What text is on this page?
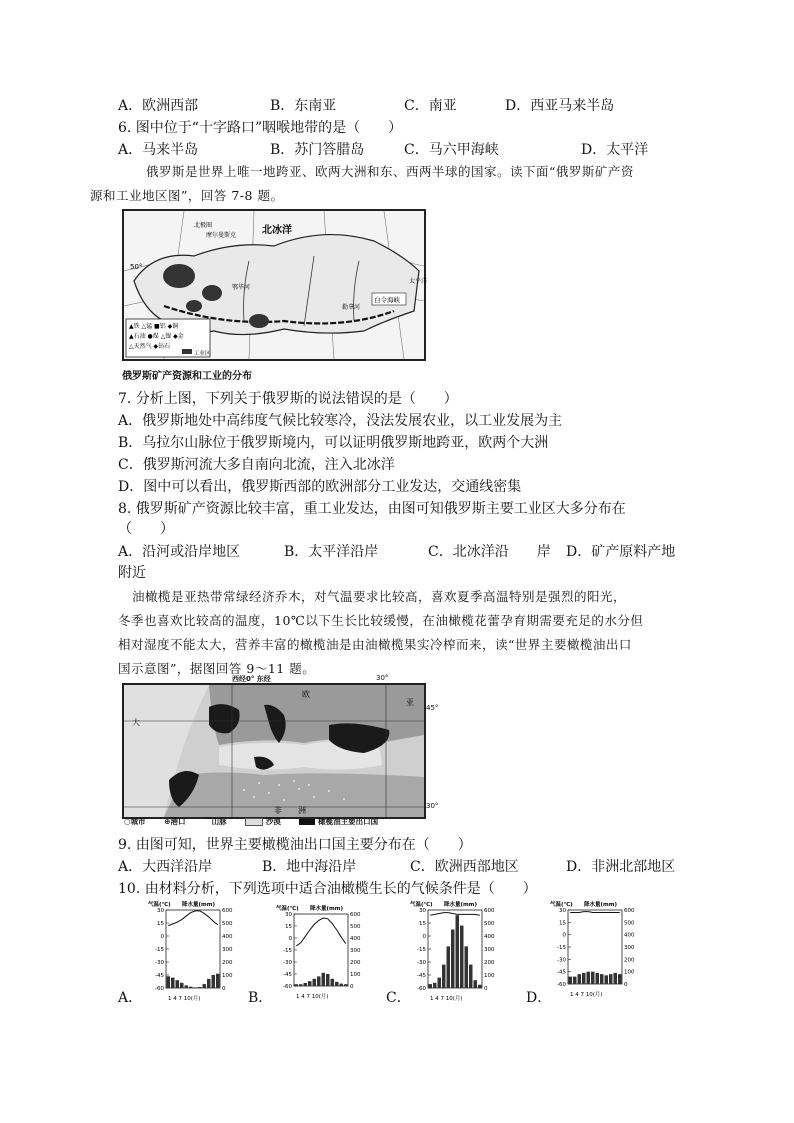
A．欧洲西部	B．东南亚	C．南亚	D．西亚马来半岛
6. 图中位于“十字路口”咽喉地带的是（　　）
A．马来半岛	B．苏门答腊岛	C．马六甲海峡	D．太平洋
俄罗斯是世界上唯一地跨亚、欧两大洲和东、西两半球的国家。读下面“俄罗斯矿产资
源和工业地区图”，回答 7-8 题。
▲铁 △锰 ■铝 ◆铜
▲石油 ●煤 △镍 ◆金
△天然气 ◆钻石
工业区
北冰洋
北极圈
摩尔曼斯克
50°
白令海峡
太平洋
鄂毕河
勒拿河
俄罗斯矿产资源和工业的分布
7. 分析上图，下列关于俄罗斯的说法错误的是（　　）
A．俄罗斯地处中高纬度气候比较寒冷，没法发展农业，以工业发展为主
B．乌拉尔山脉位于俄罗斯境内，可以证明俄罗斯地跨亚，欧两个大洲
C．俄罗斯河流大多自南向北流，注入北冰洋
D．图中可以看出，俄罗斯西部的欧洲部分工业发达，交通线密集
8. 俄罗斯矿产资源比较丰富，重工业发达，由图可知俄罗斯主要工业区大多分布在
（　　）
A．沿河或沿岸地区	B．太平洋沿岸	C．北冰洋沿　　岸 D．矿产原料产地
附近
油橄榄是亚热带常绿经济乔木，对气温要求比较高，喜欢夏季高温特别是强烈的阳光，
冬季也喜欢比较高的温度，10℃以下生长比较缓慢，在油橄榄花蕾孕育期需要充足的水分但
相对湿度不能太大，营养丰富的橄榄油是由油橄榄果实冷榨而来，读“世界主要橄榄油出口
国示意图”，据图回答 9～11 题。
西经0° 东经	30°
大
欧
亚
非　　洲
45°
30°
○城市 ⊕港口 ⌒山脉	沙漠	橄榄油主要出口国
9. 由图可知，世界主要橄榄油出口国主要分布在（　　）
A．大西洋沿岸	B．地中海沿岸	C．欧洲西部地区	D．非洲北部地区
10. 由材料分析，下列选项中适合油橄榄生长的气候条件是（　　）
A．	B．	C．	D．
气温(℃) 降水量(mm)
30	600
15	500
0	400
-15	300
-30	200
-45	100
-60	0
1 4 7 10(月)
气温(℃) 降水量(mm)
30	600
15	500
0	400
-15	300
-30	200
-45	100
-60	0
1 4 7 10(月)
气温(℃) 降水量(mm)
30	600
15	500
0	400
-15	300
-30	200
-45	100
-60	0
1 4 7 10(月)
气温(℃) 降水量(mm)
30	600
15	500
0	400
-15	300
-30	200
-45	100
-60	0
1 4 7 10(月)
